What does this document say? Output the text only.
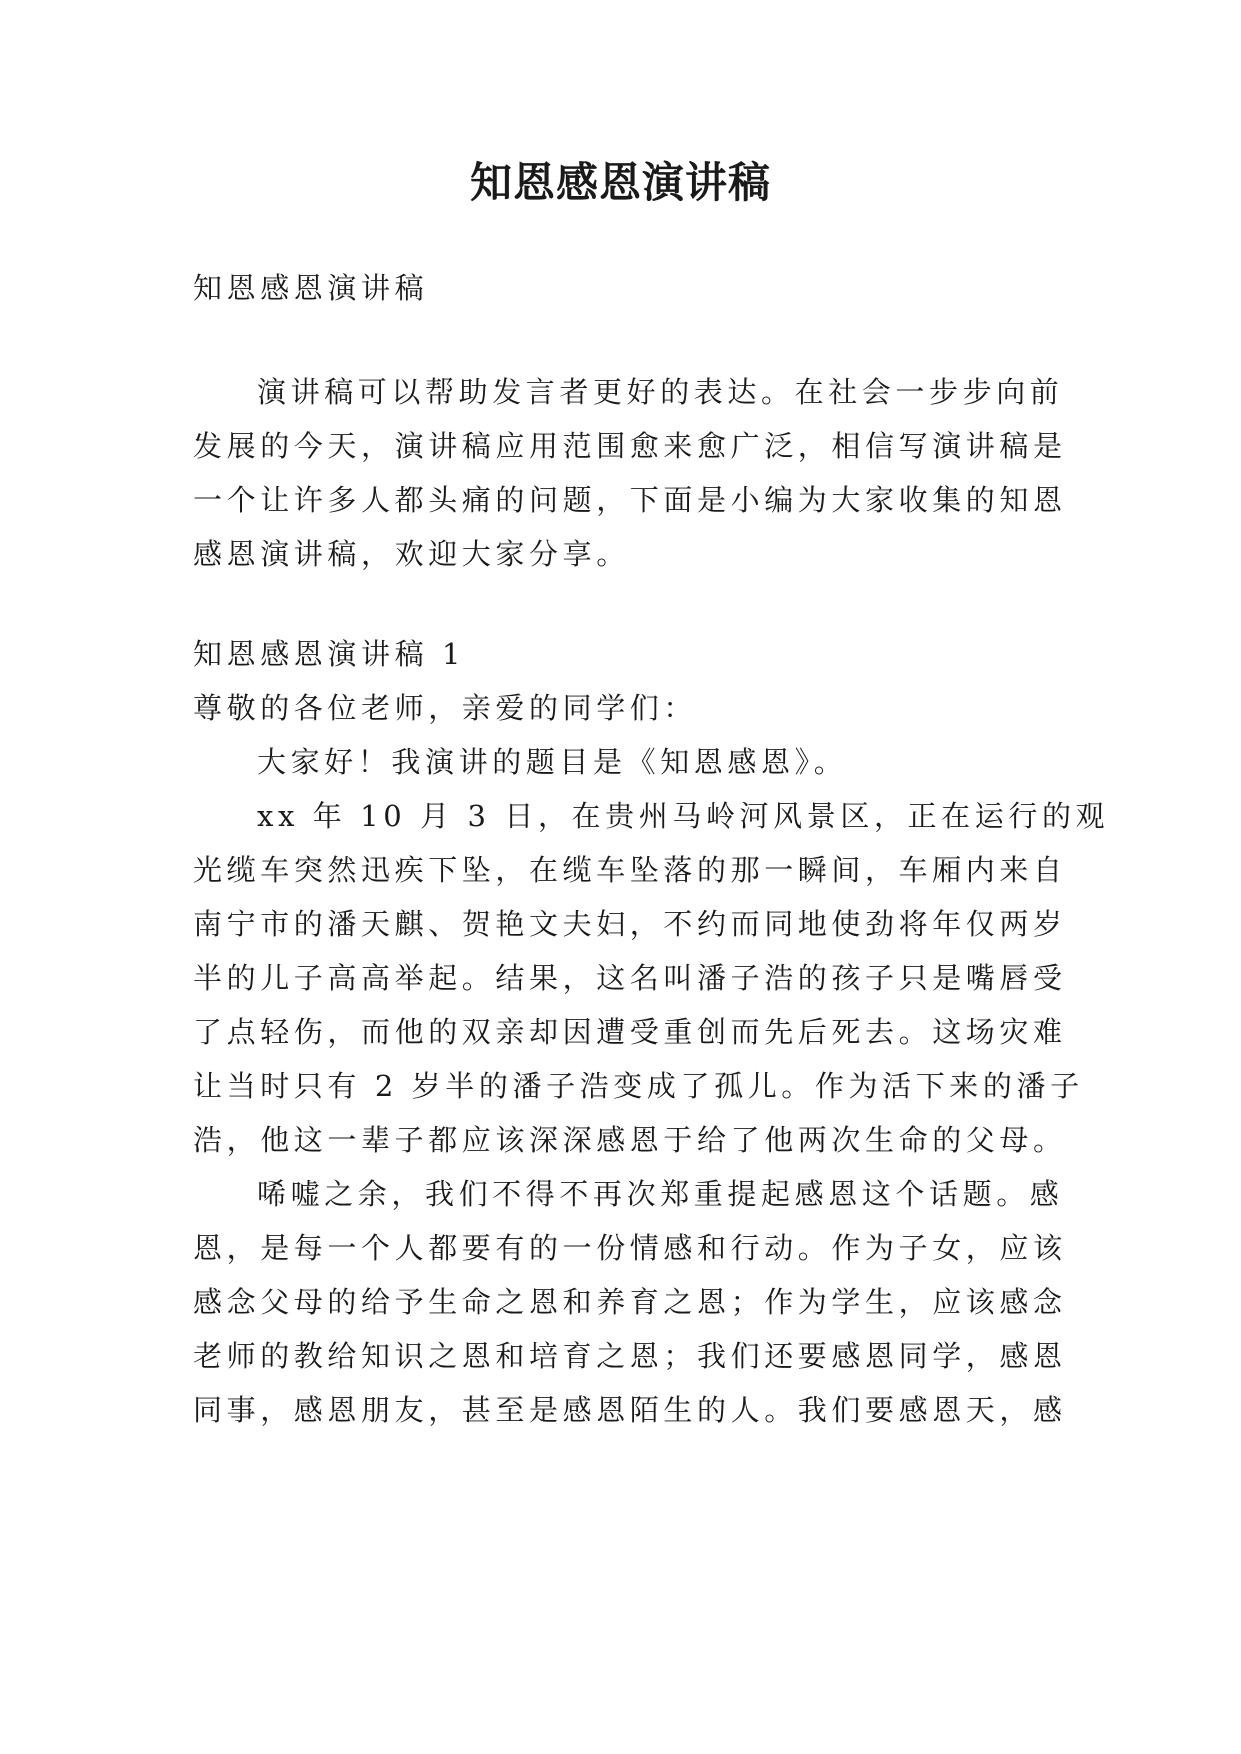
知恩感恩演讲稿

知恩感恩演讲稿

演讲稿可以帮助发言者更好的表达。在社会一步步向前

发展的今天，演讲稿应用范围愈来愈广泛，相信写演讲稿是

一个让许多人都头痛的问题，下面是小编为大家收集的知恩

感恩演讲稿，欢迎大家分享。

知恩感恩演讲稿 1

尊敬的各位老师，亲爱的同学们：

大家好！我演讲的题目是《知恩感恩》。

xx 年 10 月 3 日，在贵州马岭河风景区，正在运行的观

光缆车突然迅疾下坠，在缆车坠落的那一瞬间，车厢内来自

南宁市的潘天麒、贺艳文夫妇，不约而同地使劲将年仅两岁

半的儿子高高举起。结果，这名叫潘子浩的孩子只是嘴唇受

了点轻伤，而他的双亲却因遭受重创而先后死去。这场灾难

让当时只有 2 岁半的潘子浩变成了孤儿。作为活下来的潘子

浩，他这一辈子都应该深深感恩于给了他两次生命的父母。

唏嘘之余，我们不得不再次郑重提起感恩这个话题。感

恩，是每一个人都要有的一份情感和行动。作为子女，应该

感念父母的给予生命之恩和养育之恩；作为学生，应该感念

老师的教给知识之恩和培育之恩；我们还要感恩同学，感恩

同事，感恩朋友，甚至是感恩陌生的人。我们要感恩天，感
